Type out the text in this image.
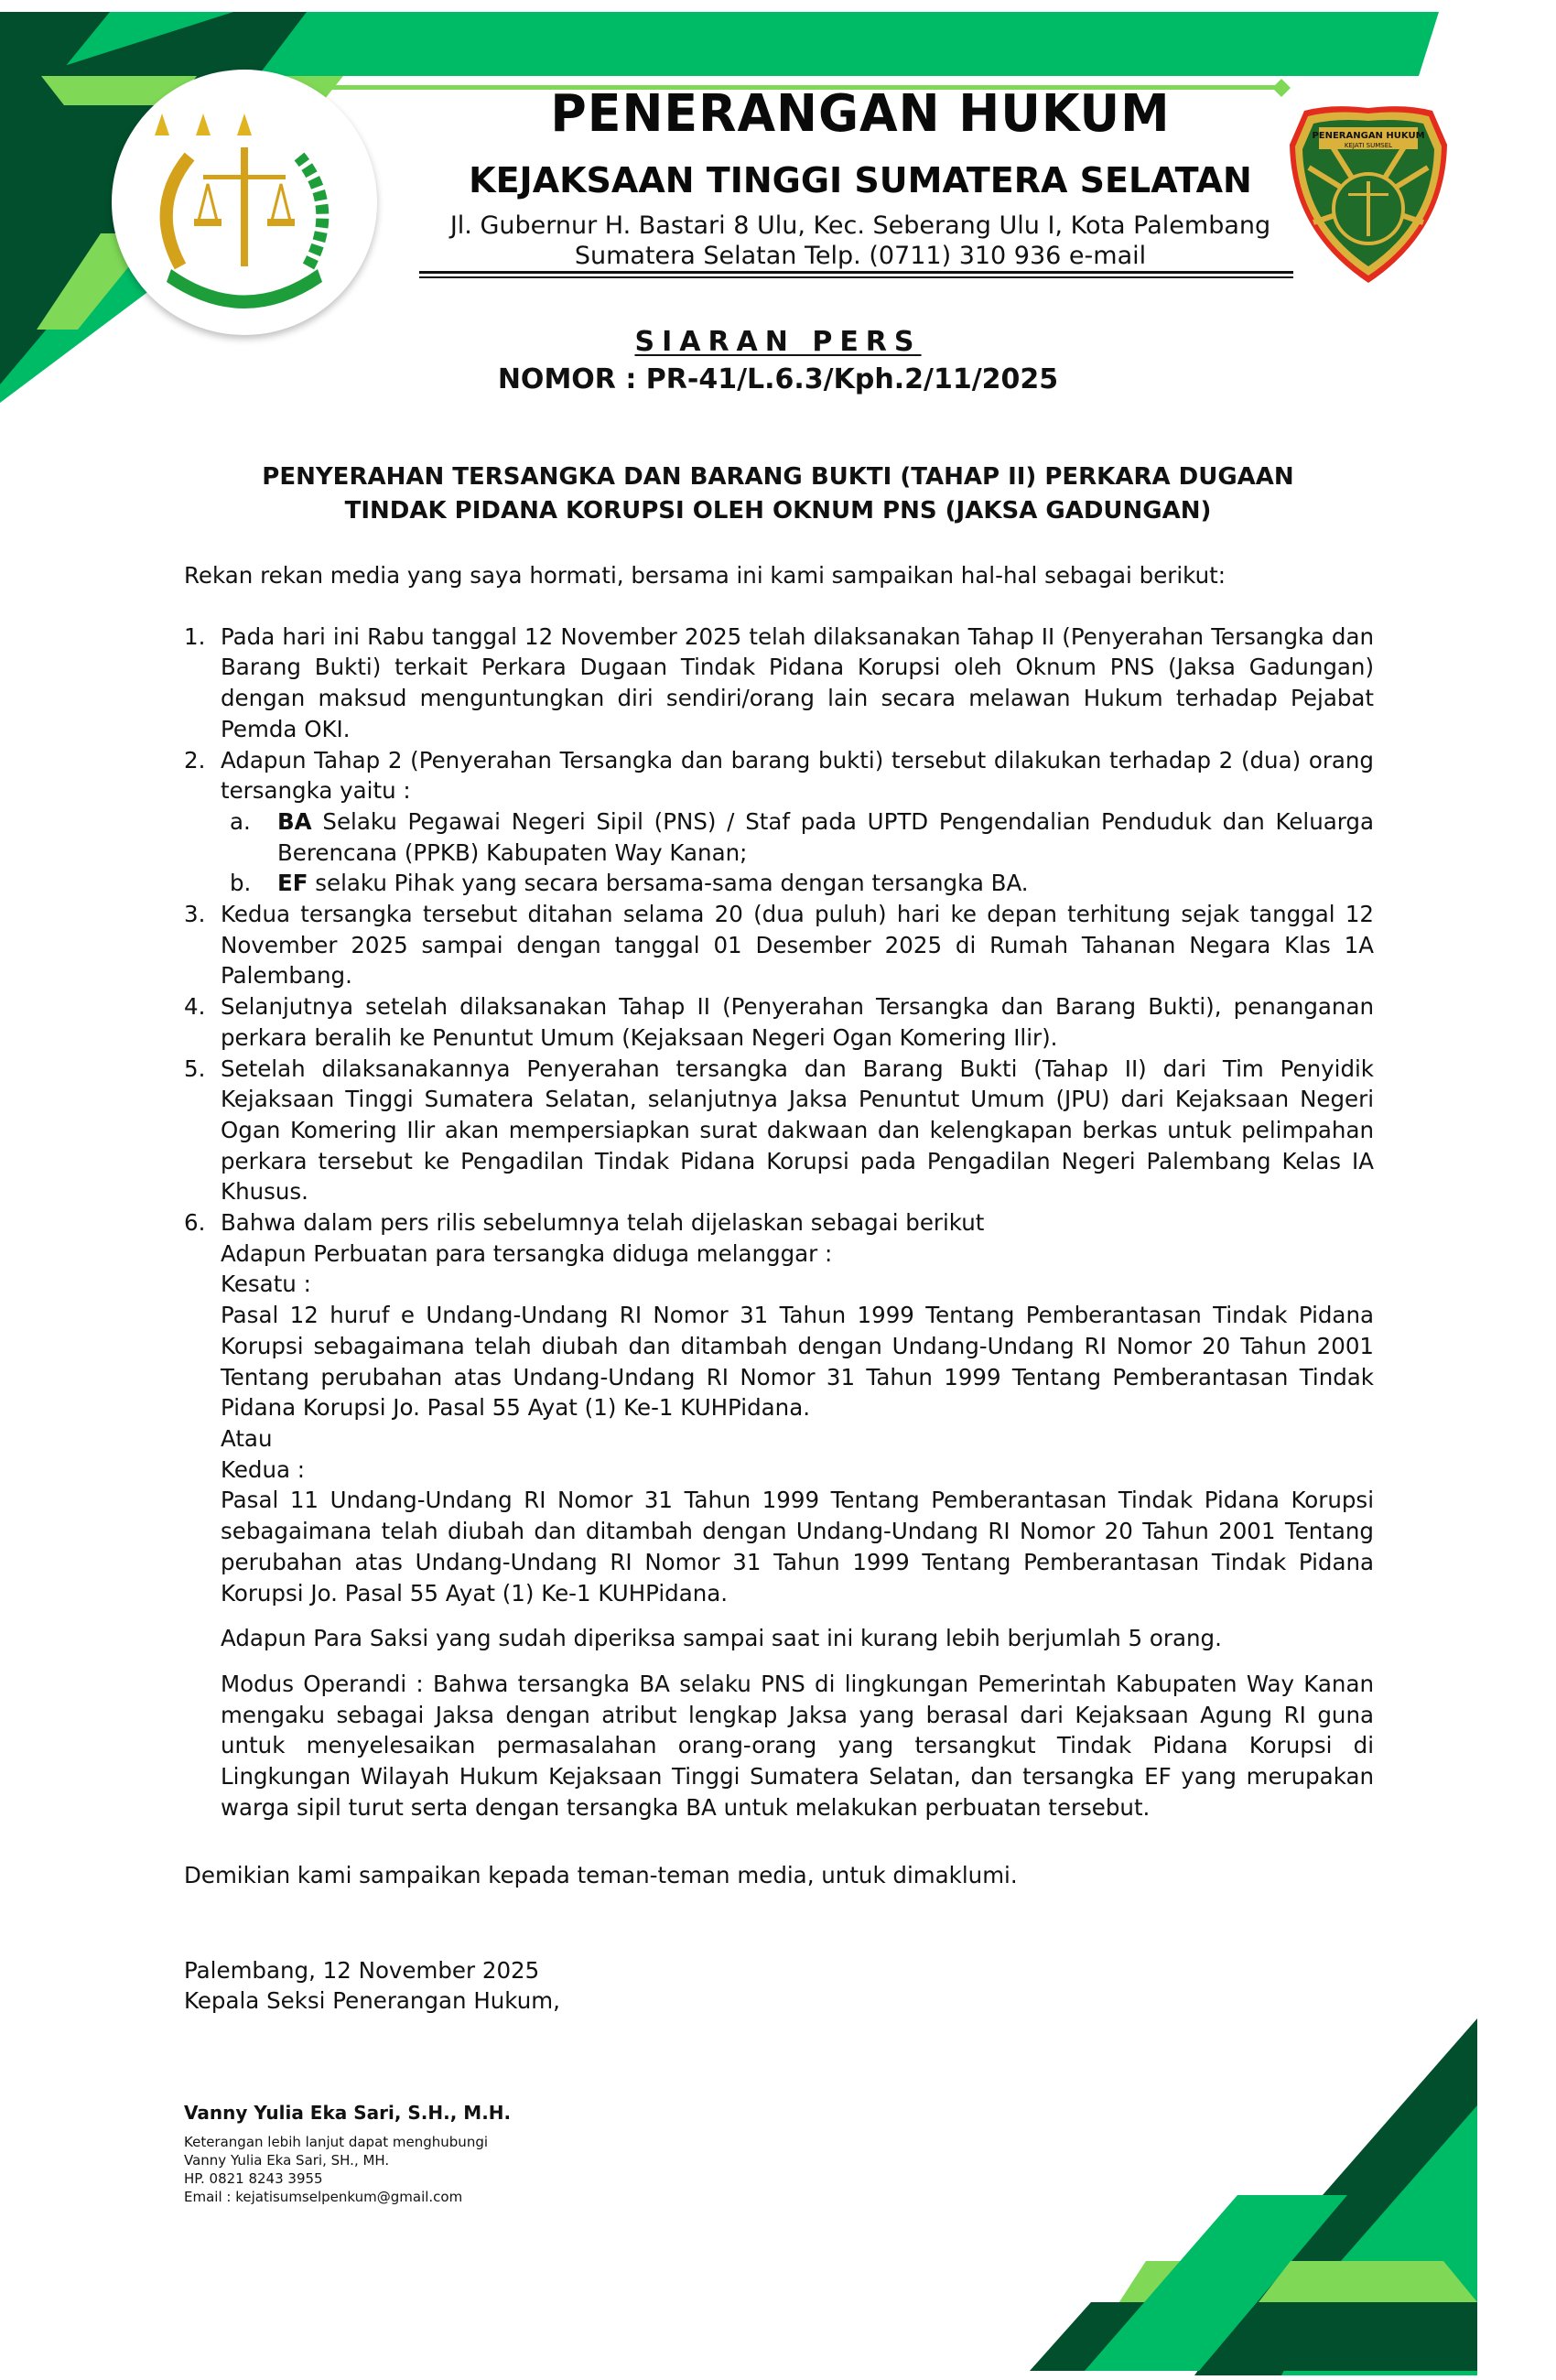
PENERANGAN HUKUM
KEJATI SUMSEL
PENERANGAN HUKUM
KEJAKSAAN TINGGI SUMATERA SELATAN
Jl. Gubernur H. Bastari 8 Ulu, Kec. Seberang Ulu I, Kota Palembang
Sumatera Selatan Telp. (0711) 310 936 e-mail
SIARAN PERS
NOMOR : PR-41/L.6.3/Kph.2/11/2025
PENYERAHAN TERSANGKA DAN BARANG BUKTI (TAHAP II) PERKARA DUGAAN
TINDAK PIDANA KORUPSI OLEH OKNUM PNS (JAKSA GADUNGAN)

Rekan rekan media yang saya hormati, bersama ini kami sampaikan hal-hal sebagai berikut:

1. Pada hari ini Rabu tanggal 12 November 2025 telah dilaksanakan Tahap II (Penyerahan Tersangka dan Barang Bukti) terkait Perkara Dugaan Tindak Pidana Korupsi oleh Oknum PNS (Jaksa Gadungan) dengan maksud menguntungkan diri sendiri/orang lain secara melawan Hukum terhadap Pejabat Pemda OKI.
2. Adapun Tahap 2 (Penyerahan Tersangka dan barang bukti) tersebut dilakukan terhadap 2 (dua) orang tersangka yaitu :
a.	BA Selaku Pegawai Negeri Sipil (PNS) / Staf pada UPTD Pengendalian Penduduk dan Keluarga Berencana (PPKB) Kabupaten Way Kanan;
b.	EF selaku Pihak yang secara bersama-sama dengan tersangka BA.
3. Kedua tersangka tersebut ditahan selama 20 (dua puluh) hari ke depan terhitung sejak tanggal 12 November 2025 sampai dengan tanggal 01 Desember 2025 di Rumah Tahanan Negara Klas 1A Palembang.
4. Selanjutnya setelah dilaksanakan Tahap II (Penyerahan Tersangka dan Barang Bukti), penanganan perkara beralih ke Penuntut Umum (Kejaksaan Negeri Ogan Komering Ilir).
5. Setelah dilaksanakannya Penyerahan tersangka dan Barang Bukti (Tahap II) dari Tim Penyidik Kejaksaan Tinggi Sumatera Selatan, selanjutnya Jaksa Penuntut Umum (JPU) dari Kejaksaan Negeri Ogan Komering Ilir akan mempersiapkan surat dakwaan dan kelengkapan berkas untuk pelimpahan perkara tersebut ke Pengadilan Tindak Pidana Korupsi pada Pengadilan Negeri Palembang Kelas IA Khusus.
6. Bahwa dalam pers rilis sebelumnya telah dijelaskan sebagai berikut
Adapun Perbuatan para tersangka diduga melanggar :
Kesatu :
Pasal 12 huruf e Undang-Undang RI Nomor 31 Tahun 1999 Tentang Pemberantasan Tindak Pidana Korupsi sebagaimana telah diubah dan ditambah dengan Undang-Undang RI Nomor 20 Tahun 2001 Tentang perubahan atas Undang-Undang RI Nomor 31 Tahun 1999 Tentang Pemberantasan Tindak Pidana Korupsi Jo. Pasal 55 Ayat (1) Ke-1 KUHPidana.
Atau
Kedua :
Pasal 11 Undang-Undang RI Nomor 31 Tahun 1999 Tentang Pemberantasan Tindak Pidana Korupsi sebagaimana telah diubah dan ditambah dengan Undang-Undang RI Nomor 20 Tahun 2001 Tentang perubahan atas Undang-Undang RI Nomor 31 Tahun 1999 Tentang Pemberantasan Tindak Pidana Korupsi Jo. Pasal 55 Ayat (1) Ke-1 KUHPidana.
Adapun Para Saksi yang sudah diperiksa sampai saat ini kurang lebih berjumlah 5 orang.
Modus Operandi : Bahwa tersangka BA selaku PNS di lingkungan Pemerintah Kabupaten Way Kanan mengaku sebagai Jaksa dengan atribut lengkap Jaksa yang berasal dari Kejaksaan Agung RI guna untuk menyelesaikan permasalahan orang-orang yang tersangkut Tindak Pidana Korupsi di Lingkungan Wilayah Hukum Kejaksaan Tinggi Sumatera Selatan, dan tersangka EF yang merupakan warga sipil turut serta dengan tersangka BA untuk melakukan perbuatan tersebut.
Demikian kami sampaikan kepada teman-teman media, untuk dimaklumi.
Palembang, 12 November 2025
Kepala Seksi Penerangan Hukum,
Vanny Yulia Eka Sari, S.H., M.H.
Keterangan lebih lanjut dapat menghubungi
Vanny Yulia Eka Sari, SH., MH.
HP. 0821 8243 3955
Email : kejatisumselpenkum@gmail.com
